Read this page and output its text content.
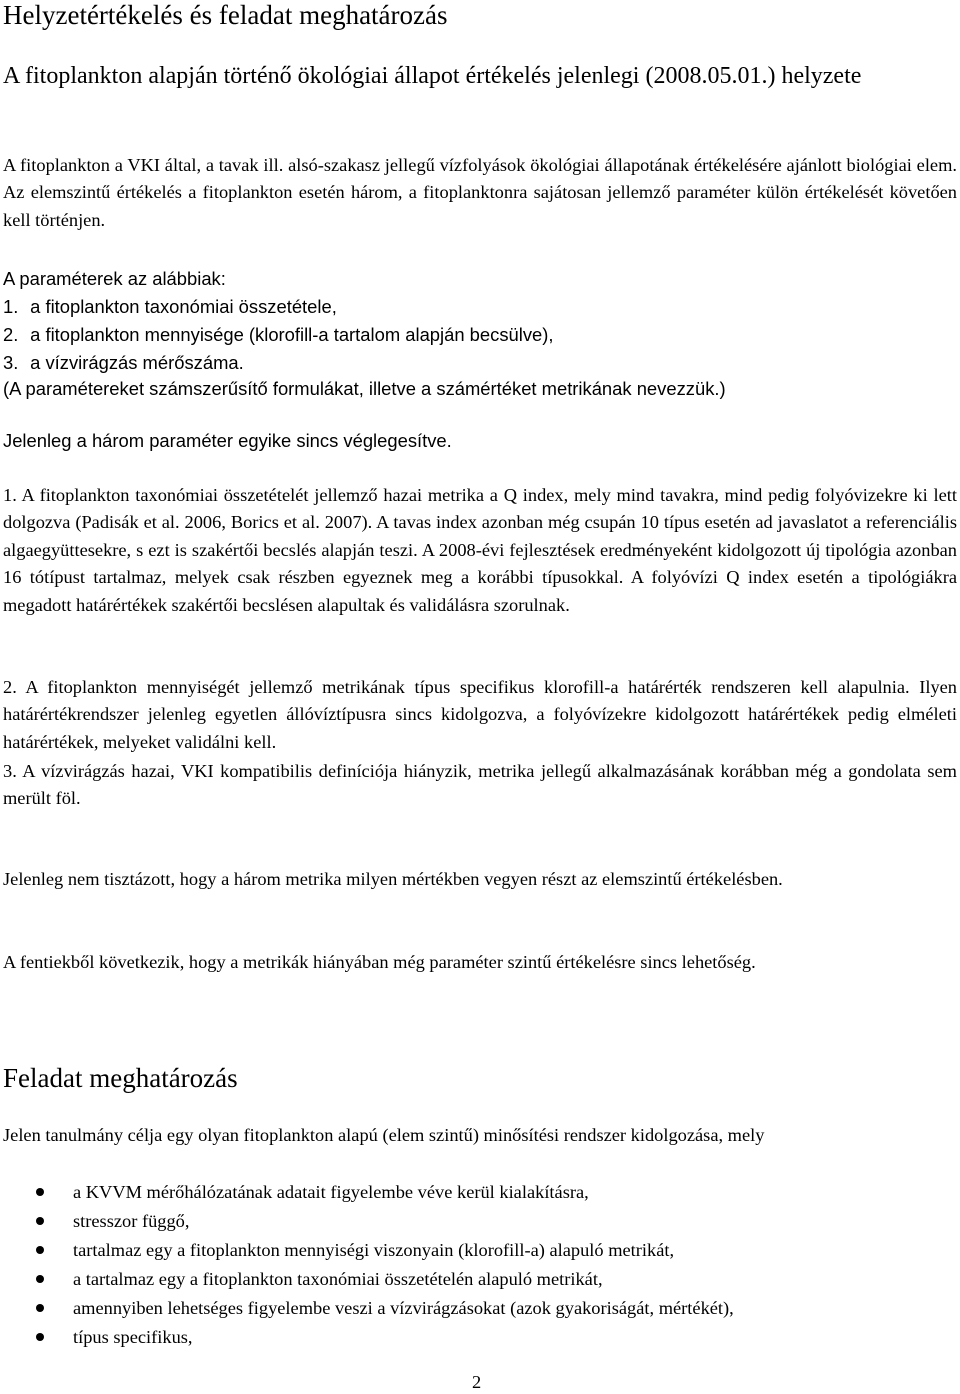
Helyzetértékelés és feladat meghatározás

A fitoplankton alapján történő ökológiai állapot értékelés jelenlegi (2008.05.01.) helyzete

A fitoplankton a VKI által, a tavak ill. alsó-szakasz jellegű vízfolyások ökológiai állapotának értékelésére ajánlott biológiai elem. Az elemszintű értékelés a fitoplankton esetén három, a fitoplanktonra sajátosan jellemző paraméter külön értékelését követően kell történjen.

A paraméterek az alábbiak:

1. a fitoplankton taxonómiai összetétele,
2. a fitoplankton mennyisége (klorofill-a tartalom alapján becsülve),
3. a vízvirágzás mérőszáma.

(A paramétereket számszerűsítő formulákat, illetve a számértéket metrikának nevezzük.)

Jelenleg a három paraméter egyike sincs véglegesítve.

1. A fitoplankton taxonómiai összetételét jellemző hazai metrika a Q index, mely mind tavakra, mind pedig folyóvizekre ki lett dolgozva (Padisák et al. 2006, Borics et al. 2007). A tavas index azonban még csupán 10 típus esetén ad javaslatot a referenciális algaegyüttesekre, s ezt is szakértői becslés alapján teszi. A 2008-évi fejlesztések eredményeként kidolgozott új tipológia azonban 16 tótípust tartalmaz, melyek csak részben egyeznek meg a korábbi típusokkal. A folyóvízi Q index esetén a tipológiákra megadott határértékek szakértői becslésen alapultak és validálásra szorulnak.

2. A fitoplankton mennyiségét jellemző metrikának típus specifikus klorofill-a határérték rendszeren kell alapulnia. Ilyen határértékrendszer jelenleg egyetlen állóvíztípusra sincs kidolgozva, a folyóvízekre kidolgozott határértékek pedig elméleti határértékek, melyeket validálni kell.

3. A vízvirágzás hazai, VKI kompatibilis definíciója hiányzik, metrika jellegű alkalmazásának korábban még a gondolata sem merült föl.

Jelenleg nem tisztázott, hogy a három metrika milyen mértékben vegyen részt az elemszintű értékelésben.

A fentiekből következik, hogy a metrikák hiányában még paraméter szintű értékelésre sincs lehetőség.

Feladat meghatározás

Jelen tanulmány célja egy olyan fitoplankton alapú (elem szintű) minősítési rendszer kidolgozása, mely

a KVVM mérőhálózatának adatait figyelembe véve kerül kialakításra,
stresszor függő,
tartalmaz egy a fitoplankton mennyiségi viszonyain (klorofill-a) alapuló metrikát,
a tartalmaz egy a fitoplankton taxonómiai összetételén alapuló metrikát,
amennyiben lehetséges figyelembe veszi a vízvirágzásokat (azok gyakoriságát, mértékét),
típus specifikus,
2
